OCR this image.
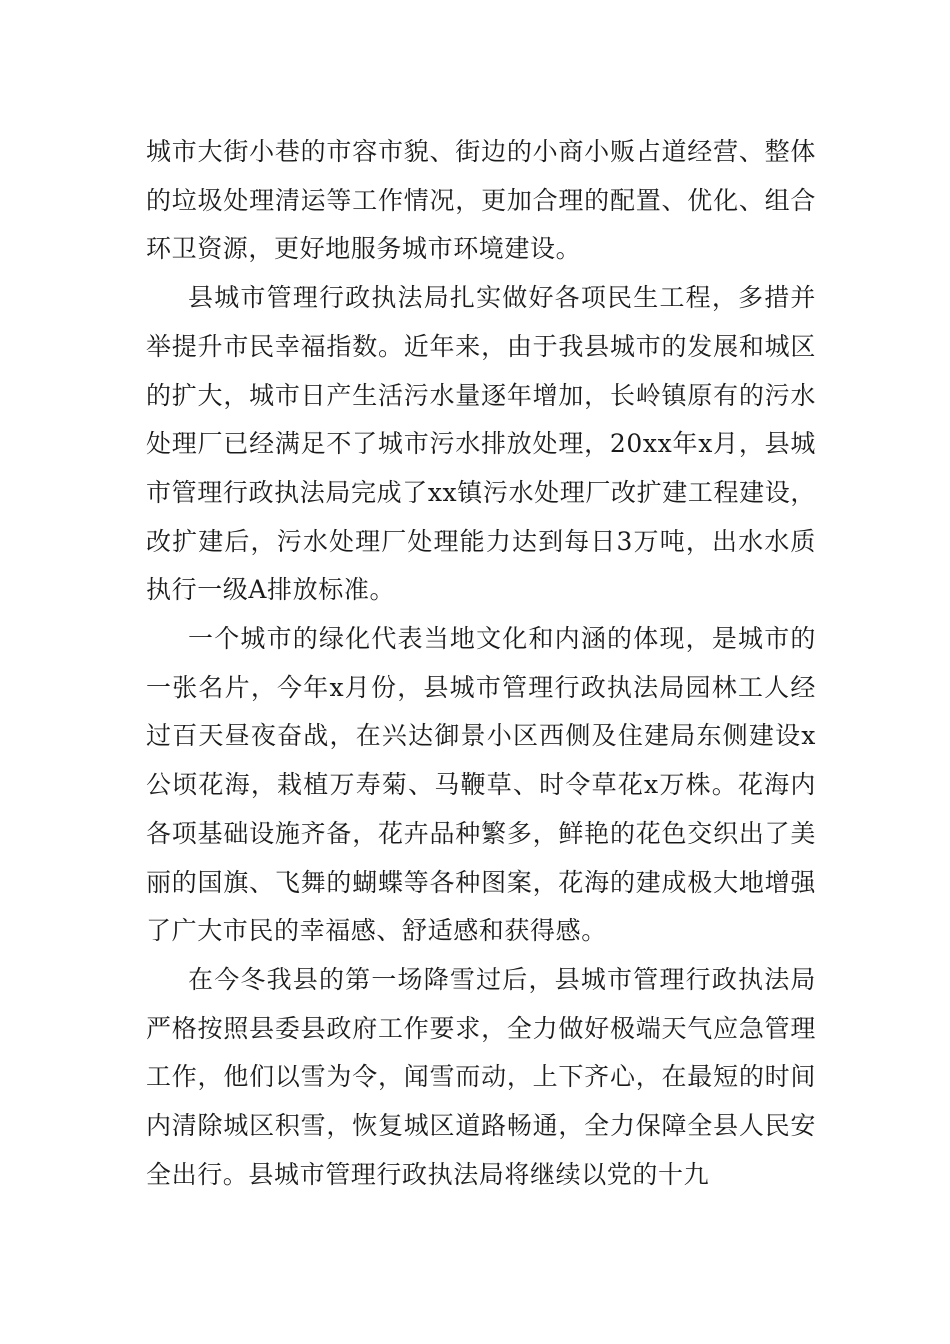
城市大街小巷的市容市貌、街边的小商小贩占道经营、整体的垃圾处理清运等工作情况，更加合理的配置、优化、组合环卫资源，更好地服务城市环境建设。

县城市管理行政执法局扎实做好各项民生工程，多措并举提升市民幸福指数。近年来，由于我县城市的发展和城区的扩大，城市日产生活污水量逐年增加，长岭镇原有的污水处理厂已经满足不了城市污水排放处理，20xx年x月，县城市管理行政执法局完成了xx镇污水处理厂改扩建工程建设，改扩建后，污水处理厂处理能力达到每日3万吨，出水水质执行一级A排放标准。

一个城市的绿化代表当地文化和内涵的体现，是城市的一张名片，今年x月份，县城市管理行政执法局园林工人经过百天昼夜奋战，在兴达御景小区西侧及住建局东侧建设x公顷花海，栽植万寿菊、马鞭草、时令草花x万株。花海内各项基础设施齐备，花卉品种繁多，鲜艳的花色交织出了美丽的国旗、飞舞的蝴蝶等各种图案，花海的建成极大地增强了广大市民的幸福感、舒适感和获得感。

在今冬我县的第一场降雪过后，县城市管理行政执法局严格按照县委县政府工作要求，全力做好极端天气应急管理工作，他们以雪为令，闻雪而动，上下齐心，在最短的时间内清除城区积雪，恢复城区道路畅通，全力保障全县人民安全出行。县城市管理行政执法局将继续以党的十九
